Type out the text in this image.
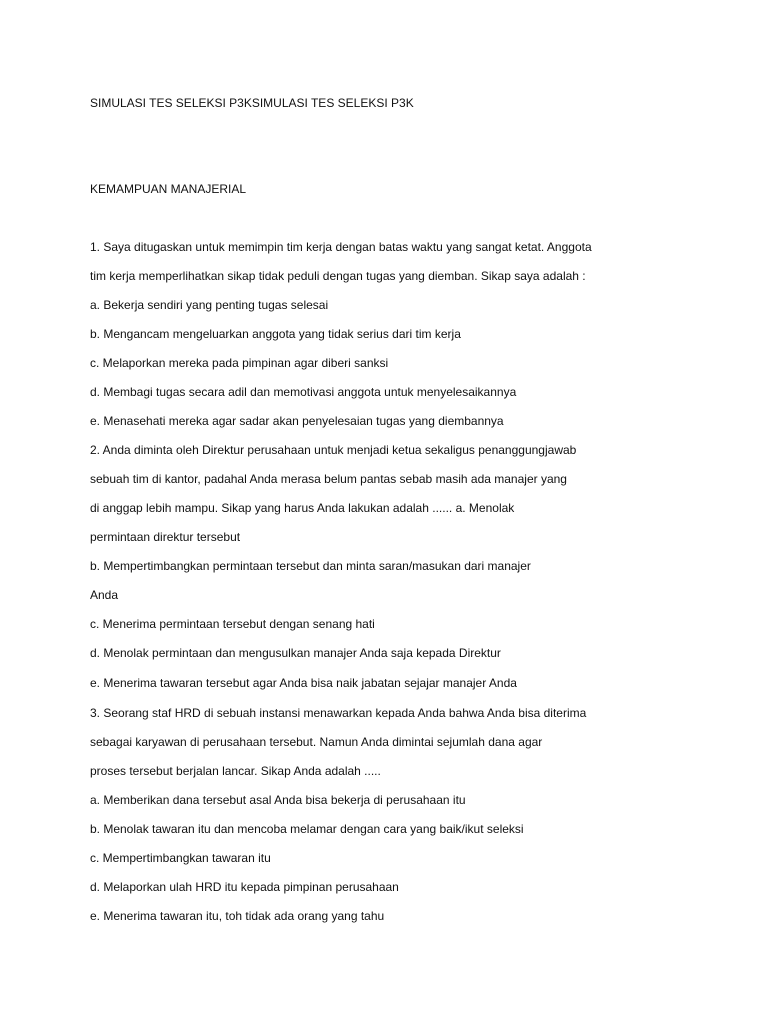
SIMULASI TES SELEKSI P3KSIMULASI TES SELEKSI P3K

KEMAMPUAN MANAJERIAL

1. Saya ditugaskan untuk memimpin tim kerja dengan batas waktu yang sangat ketat. Anggota

tim kerja memperlihatkan sikap tidak peduli dengan tugas yang diemban. Sikap saya adalah :

a. Bekerja sendiri yang penting tugas selesai

b. Mengancam mengeluarkan anggota yang tidak serius dari tim kerja

c. Melaporkan mereka pada pimpinan agar diberi sanksi

d. Membagi tugas secara adil dan memotivasi anggota untuk menyelesaikannya

e. Menasehati mereka agar sadar akan penyelesaian tugas yang diembannya

2. Anda diminta oleh Direktur perusahaan untuk menjadi ketua sekaligus penanggungjawab

sebuah tim di kantor, padahal Anda merasa belum pantas sebab masih ada manajer yang

di anggap lebih mampu. Sikap yang harus Anda lakukan adalah ...... a. Menolak

permintaan direktur tersebut

b. Mempertimbangkan permintaan tersebut dan minta saran/masukan dari manajer

Anda

c. Menerima permintaan tersebut dengan senang hati

d. Menolak permintaan dan mengusulkan manajer Anda saja kepada Direktur

e. Menerima tawaran tersebut agar Anda bisa naik jabatan sejajar manajer Anda

3. Seorang staf HRD di sebuah instansi menawarkan kepada Anda bahwa Anda bisa diterima

sebagai karyawan di perusahaan tersebut. Namun Anda dimintai sejumlah dana agar

proses tersebut berjalan lancar. Sikap Anda adalah .....

a. Memberikan dana tersebut asal Anda bisa bekerja di perusahaan itu

b. Menolak tawaran itu dan mencoba melamar dengan cara yang baik/ikut seleksi

c. Mempertimbangkan tawaran itu

d. Melaporkan ulah HRD itu kepada pimpinan perusahaan

e. Menerima tawaran itu, toh tidak ada orang yang tahu
